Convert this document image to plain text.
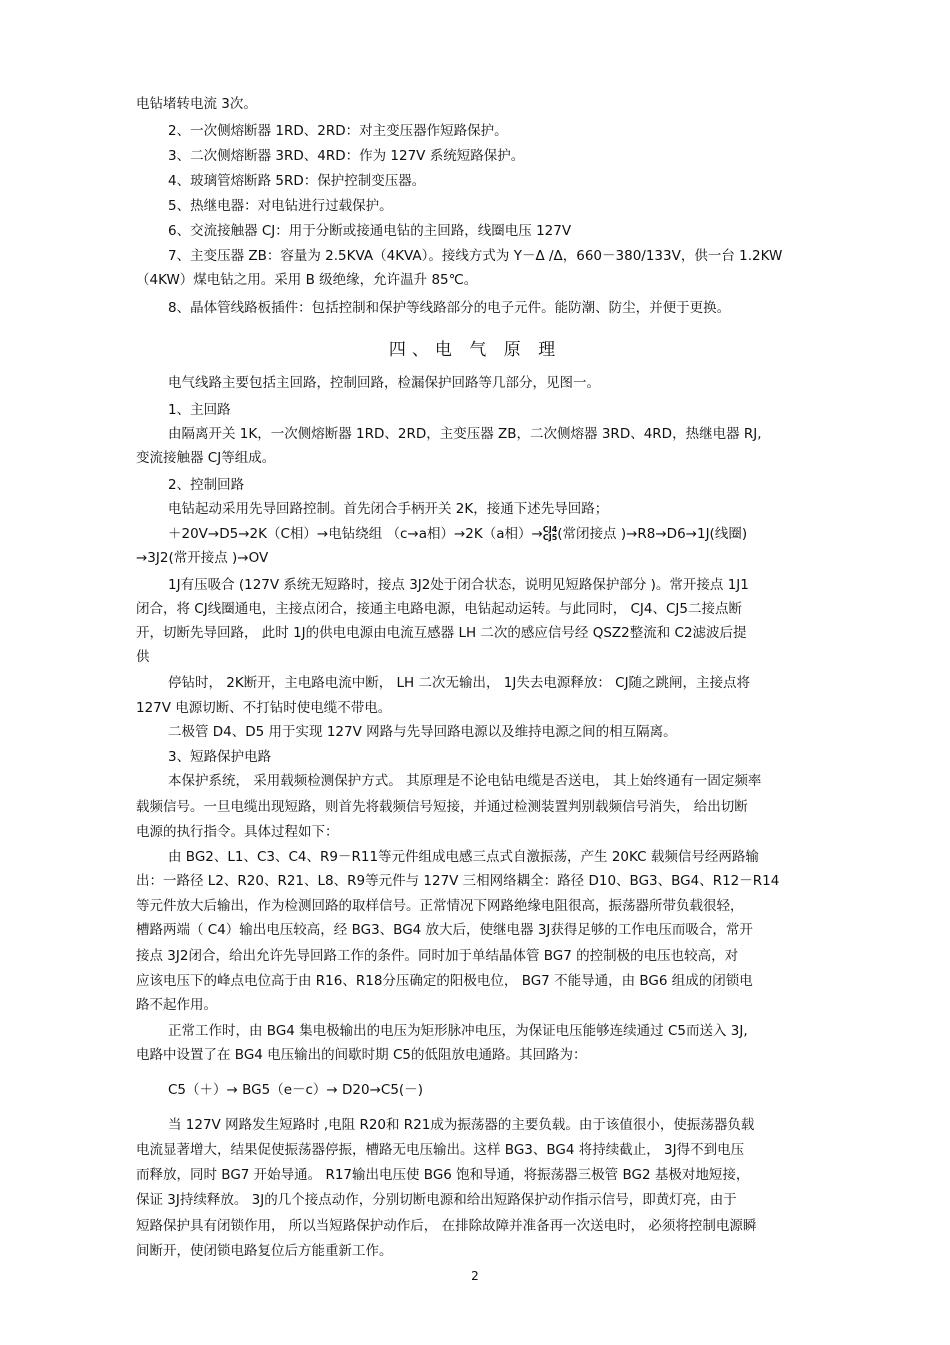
电钻堵转电流 3次。
2、一次侧熔断器 1RD、2RD：对主变压器作短路保护。
3、二次侧熔断器 3RD、4RD：作为 127V 系统短路保护。
4、玻璃管熔断路 5RD：保护控制变压器。
5、热继电器：对电钻进行过载保护。
6、交流接触器 CJ：用于分断或接通电钻的主回路，线圈电压 127V
7、主变压器 ZB：容量为 2.5KVA（4KVA）。接线方式为 Y－Δ /Δ，660－380/133V，供一台 1.2KW
（4KW）煤电钻之用。采用 B 级绝缘，允许温升 85℃。
8、晶体管线路板插件：包括控制和保护等线路部分的电子元件。能防潮、防尘，并便于更换。
四、电 气 原 理
电气线路主要包括主回路，控制回路，检漏保护回路等几部分，见图一。
1、主回路
由隔离开关 1K，一次侧熔断器 1RD、2RD，主变压器 ZB，二次侧熔器 3RD、4RD，热继电器 RJ,
变流接触器 CJ等组成。
2、控制回路
电钻起动采用先导回路控制。首先闭合手柄开关 2K，接通下述先导回路；
＋20V→D5→2K（C相）→电钻绕组 （c→a相）→2K（a相）→CJ4
CJ5(常闭接点 )→R8→D6→1J(线圈)
→3J2(常开接点 )→OV
1J有压吸合 (127V 系统无短路时，接点 3J2处于闭合状态，说明见短路保护部分 )。常开接点 1J1
闭合，将 CJ线圈通电，主接点闭合，接通主电路电源，电钻起动运转。与此同时， CJ4、CJ5二接点断
开，切断先导回路， 此时 1J的供电电源由电流互感器 LH 二次的感应信号经 QSZ2整流和 C2滤波后提
供
停钻时， 2K断开，主电路电流中断， LH 二次无输出， 1J失去电源释放： CJ随之跳闸，主接点将
127V 电源切断、不打钻时使电缆不带电。
二极管 D4、D5 用于实现 127V 网路与先导回路电源以及维持电源之间的相互隔离。
3、短路保护电路
本保护系统， 采用载频检测保护方式。 其原理是不论电钻电缆是否送电， 其上始终通有一固定频率
载频信号。一旦电缆出现短路，则首先将载频信号短接，并通过检测装置判别载频信号消失， 给出切断
电源的执行指令。具体过程如下：
由 BG2、L1、C3、C4、R9－R11等元件组成电感三点式自激振荡，产生 20KC 载频信号经两路输
出：一路径 L2、R20、R21、L8、R9等元件与 127V 三相网络耦全：路径 D10、BG3、BG4、R12－R14
等元件放大后输出，作为检测回路的取样信号。正常情况下网路绝缘电阻很高，振荡器所带负载很轻，
槽路两端（ C4）输出电压较高，经 BG3、BG4 放大后，使继电器 3J获得足够的工作电压而吸合，常开
接点 3J2闭合，给出允许先导回路工作的条件。同时加于单结晶体管 BG7 的控制极的电压也较高，对
应该电压下的峰点电位高于由 R16、R18分压确定的阳极电位， BG7 不能导通，由 BG6 组成的闭锁电
路不起作用。
正常工作时，由 BG4 集电极输出的电压为矩形脉冲电压，为保证电压能够连续通过 C5而送入 3J,
电路中设置了在 BG4 电压输出的间歇时期 C5的低阻放电通路。其回路为：
C5（＋）→ BG5（e－c）→ D20→C5(－)
当 127V 网路发生短路时 ,电阻 R20和 R21成为振荡器的主要负载。由于该值很小，使振荡器负载
电流显著增大，结果促使振荡器停振，槽路无电压输出。这样 BG3、BG4 将持续截止， 3J得不到电压
而释放，同时 BG7 开始导通。 R17输出电压使 BG6 饱和导通，将振荡器三极管 BG2 基极对地短接，
保证 3J持续释放。 3J的几个接点动作，分别切断电源和给出短路保护动作指示信号，即黄灯亮，由于
短路保护具有闭锁作用， 所以当短路保护动作后， 在排除故障并准备再一次送电时， 必须将控制电源瞬
间断开，使闭锁电路复位后方能重新工作。
2
